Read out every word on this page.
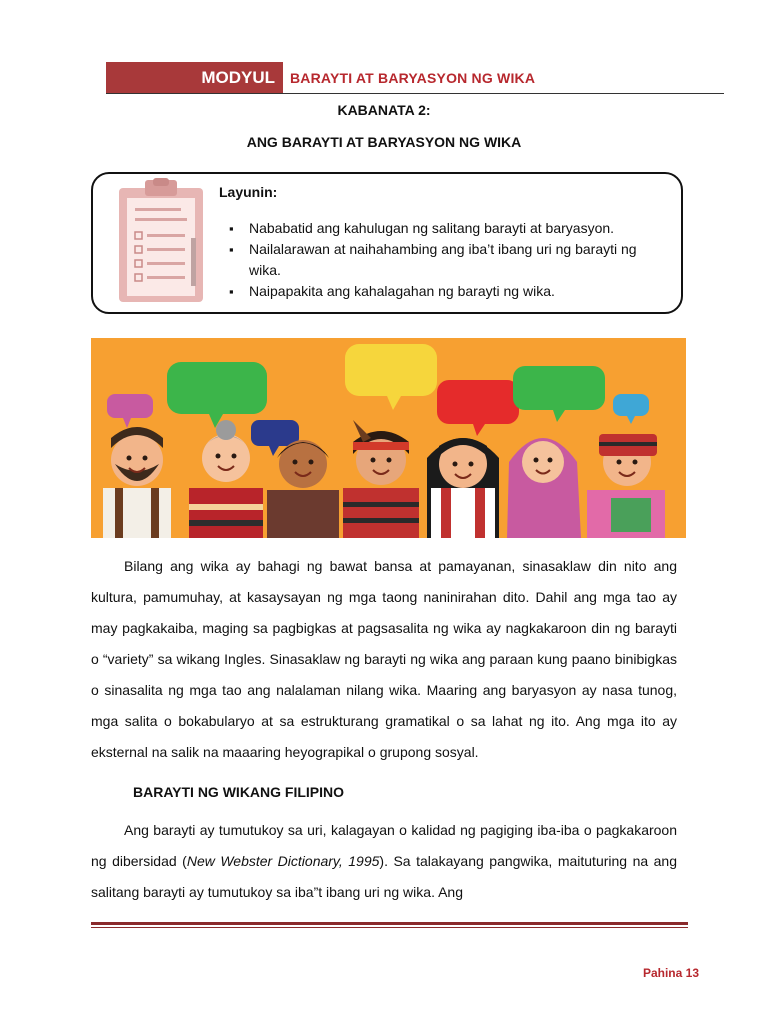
MODYUL	BARAYTI AT BARYASYON NG WIKA
KABANATA 2:
ANG BARAYTI AT BARYASYON NG WIKA
Layunin:
▪ Nababatid ang kahulugan ng salitang barayti at baryasyon.
▪ Nailalarawan at naihahambing ang iba’t ibang uri ng barayti ng wika.
▪ Naipapakita ang kahalagahan ng barayti ng wika.

Bilang ang wika ay bahagi ng bawat bansa at pamayanan, sinasaklaw din nito ang kultura, pamumuhay, at kasaysayan ng mga taong naninirahan dito. Dahil ang mga tao ay may pagkakaiba, maging sa pagbigkas at pagsasalita ng wika ay nagkakaroon din ng barayti o “variety” sa wikang Ingles. Sinasaklaw ng barayti ng wika ang paraan kung paano binibigkas o sinasalita ng mga tao ang nalalaman nilang wika. Maaring ang baryasyon ay nasa tunog, mga salita o bokabularyo at sa estrukturang gramatikal o sa lahat ng ito. Ang mga ito ay eksternal na salik na maaaring heyograpikal o grupong sosyal.

BARAYTI NG WIKANG FILIPINO

Ang barayti ay tumutukoy sa uri, kalagayan o kalidad ng pagiging iba-iba o pagkakaroon ng dibersidad (New Webster Dictionary, 1995). Sa talakayang pangwika, maituturing na ang salitang barayti ay tumutukoy sa iba”t ibang uri ng wika. Ang

Pahina 13
